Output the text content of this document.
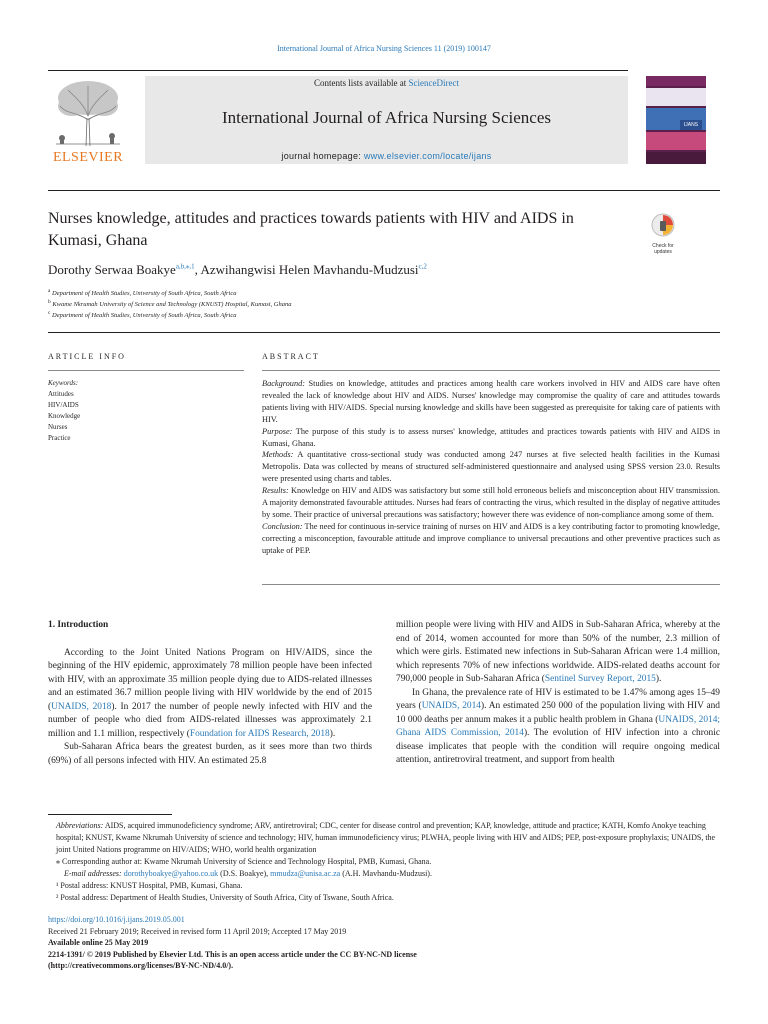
International Journal of Africa Nursing Sciences 11 (2019) 100147
ELSEVIER
Contents lists available at ScienceDirect
International Journal of Africa Nursing Sciences
journal homepage: www.elsevier.com/locate/ijans
IJANS
Nurses knowledge, attitudes and practices towards patients with HIV and AIDS in Kumasi, Ghana	Check for updates
Dorothy Serwaa Boakye$^{a,b,⁎,1}$, Azwihangwisi Helen Mavhandu-Mudzusi$^{c,2}$
$^a$ Department of Health Studies, University of South Africa, South Africa
$^b$ Kwame Nkrumah University of Science and Technology (KNUST) Hospital, Kumasi, Ghana
$^c$ Department of Health Studies, University of South Africa, South Africa
ARTICLE INFO
Keywords:
Attitudes
HIV/AIDS
Knowledge
Nurses
Practice
ABSTRACT
Background: Studies on knowledge, attitudes and practices among health care workers involved in HIV and AIDS care have often revealed the lack of knowledge about HIV and AIDS. Nurses' knowledge may compromise the quality of care and attitudes towards patients living with HIV/AIDS. Special nursing knowledge and skills have been suggested as prerequisite for taking care of patients with HIV.
Purpose: The purpose of this study is to assess nurses' knowledge, attitudes and practices towards patients with HIV and AIDS in Kumasi, Ghana.
Methods: A quantitative cross-sectional study was conducted among 247 nurses at five selected health facilities in the Kumasi Metropolis. Data was collected by means of structured self-administered questionnaire and analysed using SPSS version 23.0. Results were presented using charts and tables.
Results: Knowledge on HIV and AIDS was satisfactory but some still hold erroneous beliefs and misconception about HIV transmission. A majority demonstrated favourable attitudes. Nurses had fears of contracting the virus, which resulted in the display of negative attitudes by some. Their practice of universal precautions was satisfactory; however there was evidence of non-compliance among some of them.
Conclusion: The need for continuous in-service training of nurses on HIV and AIDS is a key contributing factor to promoting knowledge, correcting a misconception, favourable attitude and improve compliance to universal precautions and other preventive practices such as uptake of PEP.

1. Introduction

According to the Joint United Nations Program on HIV/AIDS, since the beginning of the HIV epidemic, approximately 78 million people have been infected with HIV, with an approximate 35 million people dying due to AIDS-related illnesses and an estimated 36.7 million people living with HIV worldwide by the end of 2015 (UNAIDS, 2018). In 2017 the number of people newly infected with HIV and the number of people who died from AIDS-related illnesses was approximately 2.1 million and 1.1 million, respectively (Foundation for AIDS Research, 2018).

Sub-Saharan Africa bears the greatest burden, as it sees more than two thirds (69%) of all persons infected with HIV. An estimated 25.8

million people were living with HIV and AIDS in Sub-Saharan Africa, whereby at the end of 2014, women accounted for more than 50% of the number, 2.3 million of which were girls. Estimated new infections in Sub-Saharan African were 1.4 million, which represents 70% of new infections worldwide. AIDS-related deaths account for 790,000 people in Sub-Saharan Africa (Sentinel Survey Report, 2015).

In Ghana, the prevalence rate of HIV is estimated to be 1.47% among ages 15–49 years (UNAIDS, 2014). An estimated 250 000 of the population living with HIV and 10 000 deaths per annum makes it a public health problem in Ghana (UNAIDS, 2014; Ghana AIDS Commission, 2014). The evolution of HIV infection into a chronic disease implicates that people with the condition will require ongoing medical attention, antiretroviral treatment, and support from health

Abbreviations: AIDS, acquired immunodeficiency syndrome; ARV, antiretroviral; CDC, center for disease control and prevention; KAP, knowledge, attitude and practice; KATH, Komfo Anokye teaching hospital; KNUST, Kwame Nkrumah University of science and technology; HIV, human immunodeficiency virus; PLWHA, people living with HIV and AIDS; PEP, post-exposure prophylaxis; UNAIDS, the joint United Nations programme on HIV/AIDS; WHO, world health organization

⁎ Corresponding author at: Kwame Nkrumah University of Science and Technology Hospital, PMB, Kumasi, Ghana.

E-mail addresses: dorothyboakye@yahoo.co.uk (D.S. Boakye), mmudza@unisa.ac.za (A.H. Mavhandu-Mudzusi).

¹ Postal address: KNUST Hospital, PMB, Kumasi, Ghana.

² Postal address: Department of Health Studies, University of South Africa, City of Tswane, South Africa.

https://doi.org/10.1016/j.ijans.2019.05.001

Received 21 February 2019; Received in revised form 11 April 2019; Accepted 17 May 2019

Available online 25 May 2019

2214-1391/ © 2019 Published by Elsevier Ltd. This is an open access article under the CC BY-NC-ND license

(http://creativecommons.org/licenses/BY-NC-ND/4.0/).
